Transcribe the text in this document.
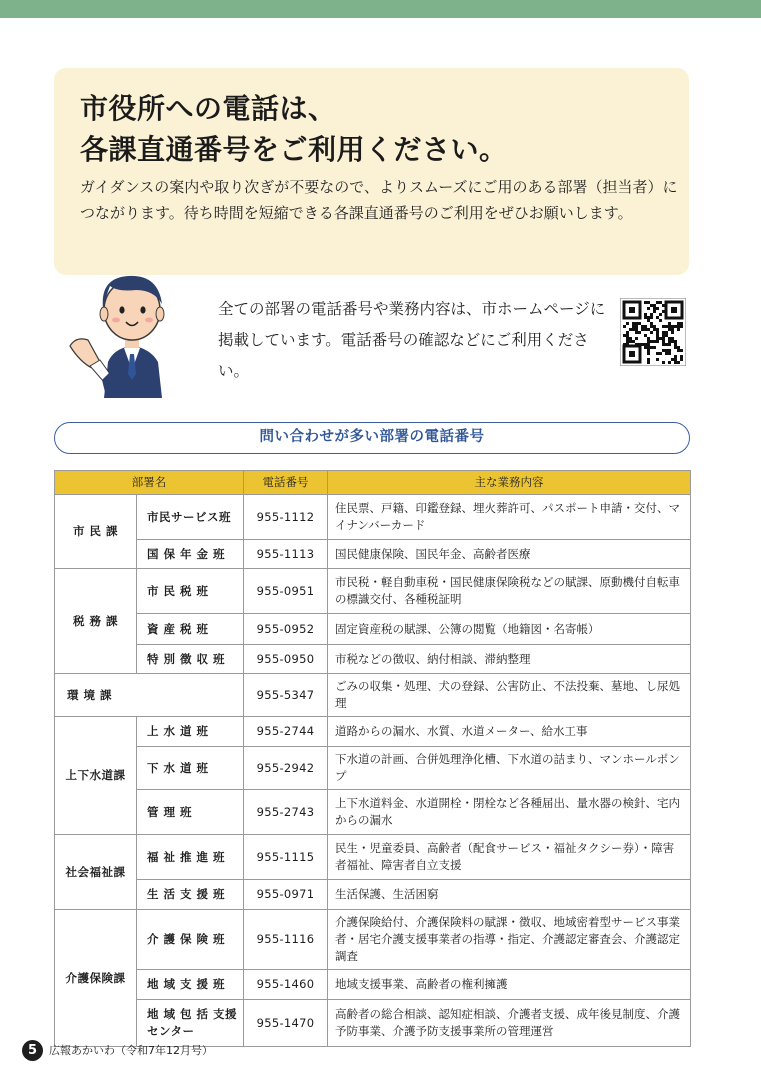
市役所への電話は、
各課直通番号をご利用ください。
ガイダンスの案内や取り次ぎが不要なので、よりスムーズにご用のある部署（担当者）につながります。待ち時間を短縮できる各課直通番号のご利用をぜひお願いします。
全ての部署の電話番号や業務内容は、市ホームページに掲載しています。電話番号の確認などにご利用ください。
問い合わせが多い部署の電話番号
部署名		電話番号	主な業務内容
市 民 課	市民サービス班	955-1112	住民票、戸籍、印鑑登録、埋火葬許可、パスポート申請・交付、マイナンバーカード
	国 保 年 金 班	955-1113	国民健康保険、国民年金、高齢者医療
税 務 課	市 民 税 班	955-0951	市民税・軽自動車税・国民健康保険税などの賦課、原動機付自転車の標識交付、各種税証明
	資 産 税 班	955-0952	固定資産税の賦課、公簿の閲覧（地籍図・名寄帳）
	特 別 徴 収 班	955-0950	市税などの徴収、納付相談、滞納整理
環 境 課		955-5347	ごみの収集・処理、犬の登録、公害防止、不法投棄、墓地、し尿処理
上下水道課	上 水 道 班	955-2744	道路からの漏水、水質、水道メーター、給水工事
	下 水 道 班	955-2942	下水道の計画、合併処理浄化槽、下水道の詰まり、マンホールポンプ
	管 理 班	955-2743	上下水道料金、水道開栓・閉栓など各種届出、量水器の検針、宅内からの漏水
社会福祉課	福 祉 推 進 班	955-1115	民生・児童委員、高齢者（配食サービス・福祉タクシー券）・障害者福祉、障害者自立支援
	生 活 支 援 班	955-0971	生活保護、生活困窮
介護保険課	介 護 保 険 班	955-1116	介護保険給付、介護保険料の賦課・徴収、地域密着型サービス事業者・居宅介護支援事業者の指導・指定、介護認定審査会、介護認定調査
	地 域 支 援 班	955-1460	地域支援事業、高齢者の権利擁護
	地 域 包 括 支援センター	955-1470	高齢者の総合相談、認知症相談、介護者支援、成年後見制度、介護予防事業、介護予防支援事業所の管理運営
5	広報あかいわ（令和7年12月号）
